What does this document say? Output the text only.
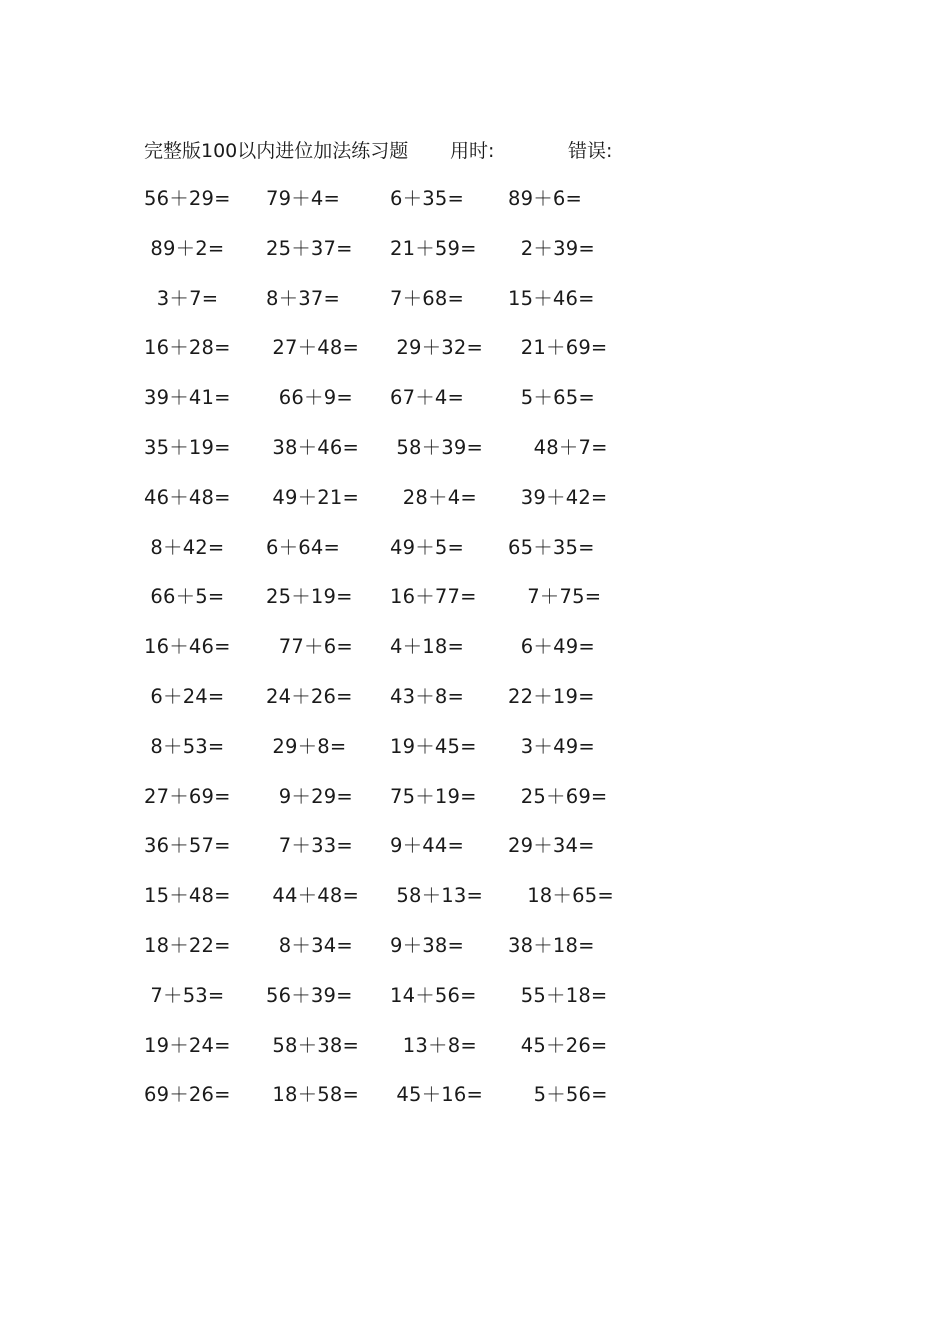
完整版100以内进位加法练习题 用时:	错误:
56＋29= 79＋4=	6＋35= 89＋6=
89＋2= 25＋37= 21＋59= 2＋39=
3＋7= 8＋37=	7＋68= 15＋46=
16＋28= 27＋48= 29＋32= 21＋69=
39＋41= 66＋9= 67＋4= 5＋65=
35＋19= 38＋46= 58＋39= 48＋7=
46＋48= 49＋21= 28＋4= 39＋42=
8＋42= 6＋64=	49＋5= 65＋35=
66＋5= 25＋19= 16＋77= 7＋75=
16＋46= 77＋6= 4＋18= 6＋49=
6＋24= 24＋26= 43＋8= 22＋19=
8＋53= 29＋8= 19＋45= 3＋49=
27＋69= 9＋29= 75＋19= 25＋69=
36＋57= 7＋33= 9＋44= 29＋34=
15＋48= 44＋48= 58＋13= 18＋65=
18＋22= 8＋34= 9＋38= 38＋18=
7＋53= 56＋39= 14＋56= 55＋18=
19＋24= 58＋38= 13＋8= 45＋26=
69＋26= 18＋58= 45＋16= 5＋56=
